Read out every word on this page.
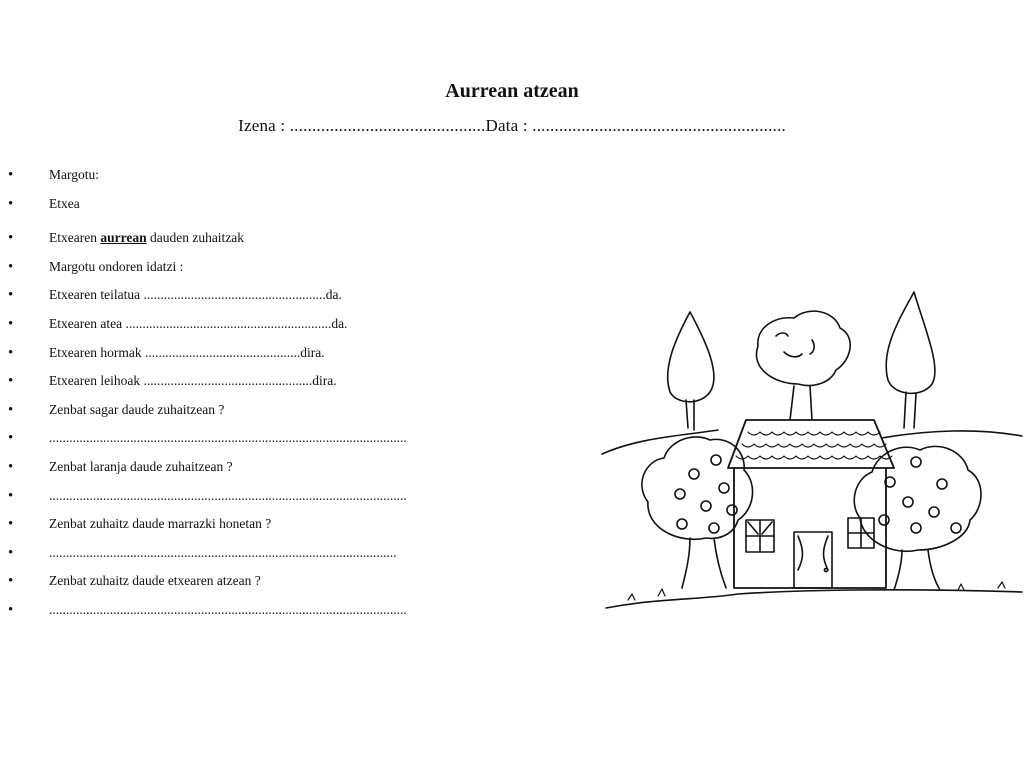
Aurrean atzean
Izena : ............................................Data : .........................................................
• Margotu:
• Etxea
• Etxearen aurrean dauden zuhaitzak
• Margotu ondoren idatzi :
• Etxearen teilatua ......................................................da.
• Etxearen atea .............................................................da.
• Etxearen hormak ..............................................dira.
• Etxearen leihoak ..................................................dira.
• Zenbat sagar daude zuhaitzean ?
• ..........................................................................................................
• Zenbat laranja daude zuhaitzean ?
• ..........................................................................................................
• Zenbat zuhaitz daude marrazki honetan ?
• .......................................................................................................
• Zenbat zuhaitz daude etxearen atzean ?
• ..........................................................................................................
